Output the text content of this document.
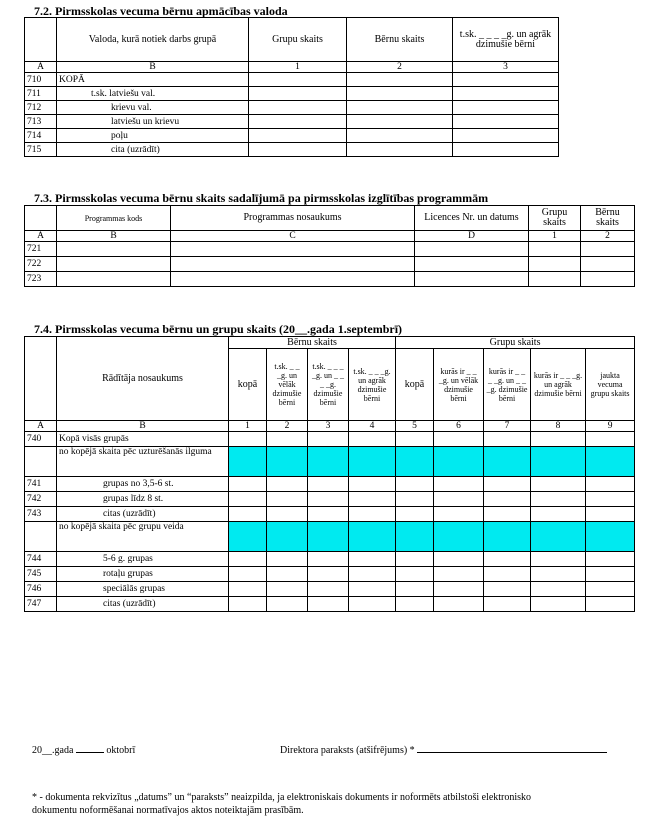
7.2. Pirmsskolas vecuma bērnu apmācības valoda
	Valoda, kurā notiek darbs grupā	Grupu skaits	Bērnu skaits	t.sk. _ _ _ _g. un agrāk dzimušie bērni
A	B	1	2	3
710	KOPĀ			
711	t.sk. latviešu val.			
712	krievu val.			
713	latviešu un krievu			
714	poļu			
715	cita (uzrādīt)			
7.3. Pirmsskolas vecuma bērnu skaits sadalījumā pa pirmsskolas izglītības programmām
	Programmas kods	Programmas nosaukums	Licences Nr. un datums	Grupu skaits	Bērnu skaits
A	B	C	D	1	2
721					
722					
723					
7.4. Pirmsskolas vecuma bērnu un grupu skaits (20__.gada 1.septembrī)
	Rādītāja nosaukums	Bērnu skaits				Grupu skaits				
		kopā	t.sk. _ _ _g. un vēlāk dzimušie bērni	t.sk. _ _ _ _g. un _ _ _ _g. dzimušie bērni	t.sk. _ _ _g. un agrāk dzimušie bērni	kopā	kurās ir _ _ _g. un vēlāk dzimušie bērni	kurās ir _ _ _ _g. un _ _ _g. dzimušie bērni	kurās ir _ _ _g. un agrāk dzimušie bērni	jaukta vecuma grupu skaits
A	B	1	2	3	4	5	6	7	8	9
740	Kopā visās grupās									
	no kopējā skaita pēc uzturēšanās ilguma									
741	grupas no 3,5-6 st.									
742	grupas līdz 8 st.									
743	citas (uzrādīt)									
	no kopējā skaita pēc grupu veida									
744	5-6 g. grupas									
745	rotaļu grupas									
746	speciālās grupas									
747	citas (uzrādīt)									
20__.gada	oktobrī	Direktora paraksts (atšifrējums) *
* - dokumenta rekvizītus „datums” un “paraksts” neaizpilda, ja elektroniskais dokuments ir noformēts atbilstoši elektronisko
dokumentu noformēšanai normatīvajos aktos noteiktajām prasībām.
